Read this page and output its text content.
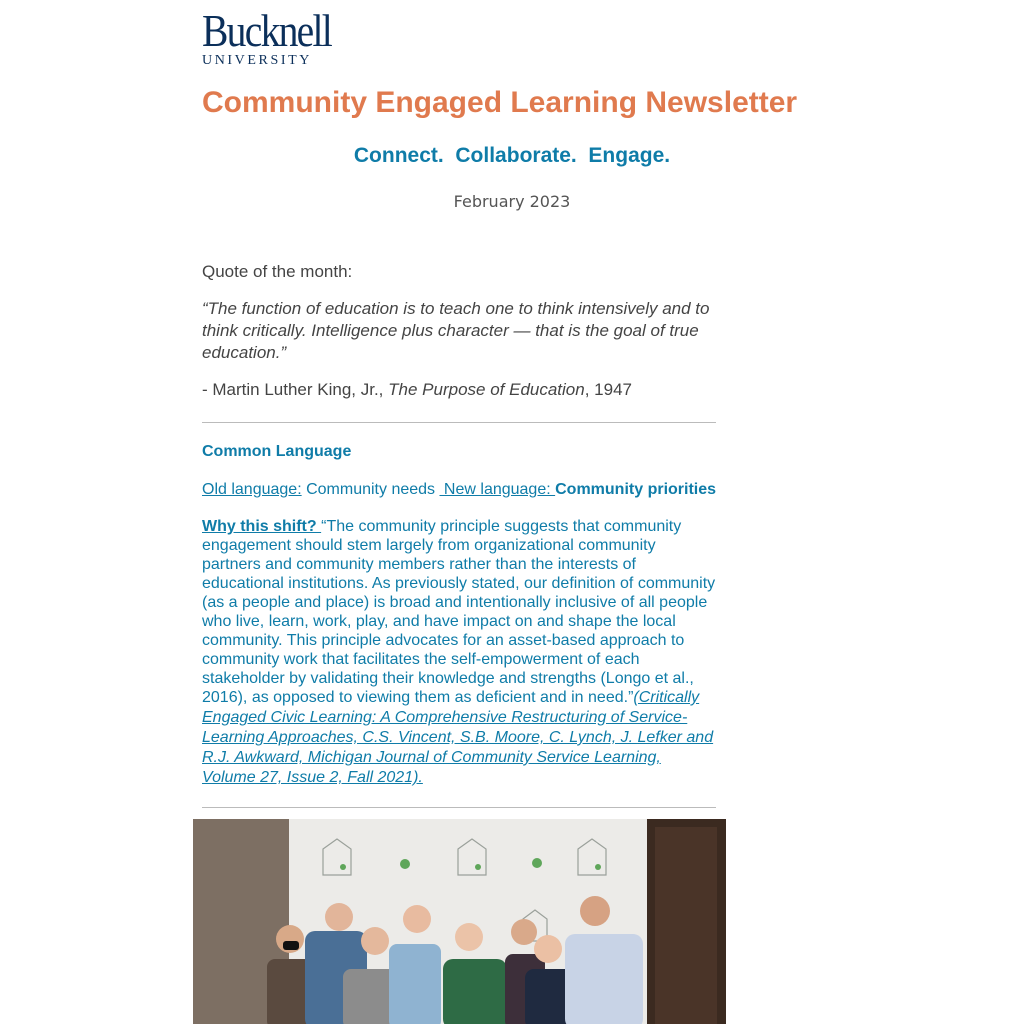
Bucknell
UNIVERSITY
Community Engaged Learning Newsletter
Connect.  Collaborate.  Engage.
February 2023

Quote of the month:

“The function of education is to teach one to think intensively and to think critically. Intelligence plus character — that is the goal of true education.”

- Martin Luther King, Jr., The Purpose of Education, 1947

Common Language

Old language: Community needs  New language: Community priorities

Why this shift? “The community principle suggests that community engagement should stem largely from organizational community partners and community members rather than the interests of educational institutions. As previously stated, our definition of community (as a people and place) is broad and intentionally inclusive of all people who live, learn, work, play, and have impact on and shape the local community. This principle advocates for an asset-based approach to community work that facilitates the self-empowerment of each stakeholder by validating their knowledge and strengths (Longo et al., 2016), as opposed to viewing them as deficient and in need.”(Critically Engaged Civic Learning: A Comprehensive Restructuring of Service-Learning Approaches, C.S. Vincent, S.B. Moore, C. Lynch, J. Lefker and R.J. Awkward, Michigan Journal of Community Service Learning, Volume 27, Issue 2, Fall 2021).
